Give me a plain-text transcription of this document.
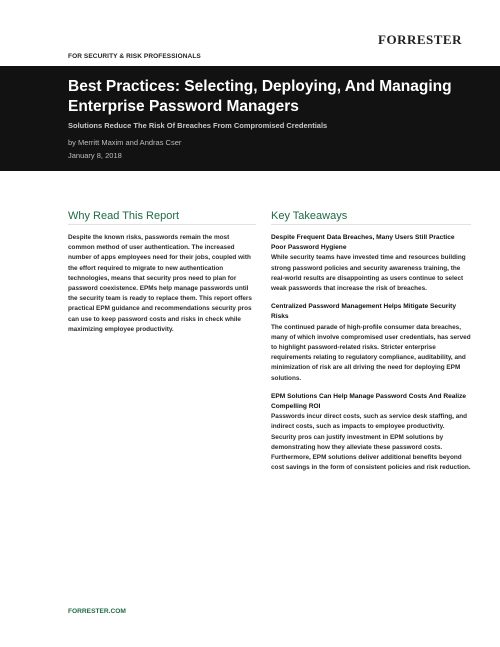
FORRESTER
FOR SECURITY & RISK PROFESSIONALS
Best Practices: Selecting, Deploying, And Managing Enterprise Password Managers
Solutions Reduce The Risk Of Breaches From Compromised Credentials
by Merritt Maxim and Andras Cser
January 8, 2018
Why Read This Report

Despite the known risks, passwords remain the most common method of user authentication. The increased number of apps employees need for their jobs, coupled with the effort required to migrate to new authentication technologies, means that security pros need to plan for password coexistence. EPMs help manage passwords until the security team is ready to replace them. This report offers practical EPM guidance and recommendations security pros can use to keep password costs and risks in check while maximizing employee productivity.

Key Takeaways

Despite Frequent Data Breaches, Many Users Still Practice Poor Password Hygiene

While security teams have invested time and resources building strong password policies and security awareness training, the real-world results are disappointing as users continue to select weak passwords that increase the risk of breaches.

Centralized Password Management Helps Mitigate Security Risks

The continued parade of high-profile consumer data breaches, many of which involve compromised user credentials, has served to highlight password-related risks. Stricter enterprise requirements relating to regulatory compliance, auditability, and minimization of risk are all driving the need for deploying EPM solutions.

EPM Solutions Can Help Manage Password Costs And Realize Compelling ROI

Passwords incur direct costs, such as service desk staffing, and indirect costs, such as impacts to employee productivity. Security pros can justify investment in EPM solutions by demonstrating how they alleviate these password costs. Furthermore, EPM solutions deliver additional benefits beyond cost savings in the form of consistent policies and risk reduction.

FORRESTER.COM
